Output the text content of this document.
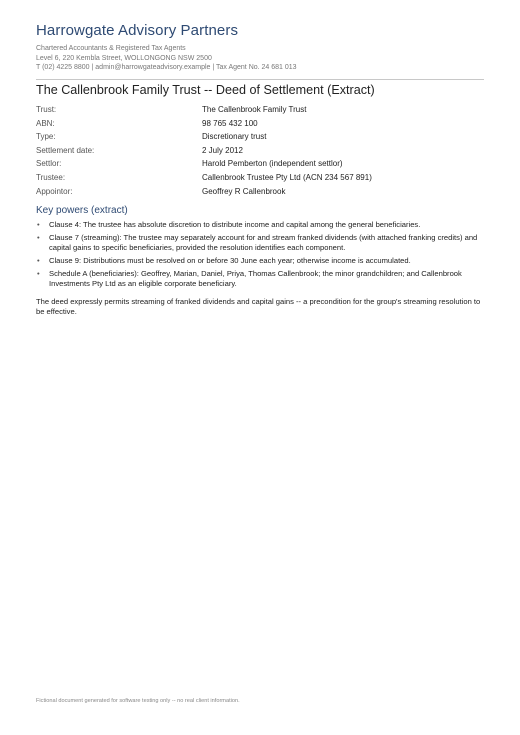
Harrowgate Advisory Partners
Chartered Accountants & Registered Tax Agents
Level 6, 220 Kembla Street, WOLLONGONG NSW 2500
T (02) 4225 8800 | admin@harrowgateadvisory.example | Tax Agent No. 24 681 013
The Callenbrook Family Trust -- Deed of Settlement (Extract)
Trust:	The Callenbrook Family Trust
ABN:	98 765 432 100
Type:	Discretionary trust
Settlement date:	2 July 2012
Settlor:	Harold Pemberton (independent settlor)
Trustee:	Callenbrook Trustee Pty Ltd (ACN 234 567 891)
Appointor:	Geoffrey R Callenbrook
Key powers (extract)
• Clause 4: The trustee has absolute discretion to distribute income and capital among the general beneficiaries.
• Clause 7 (streaming): The trustee may separately account for and stream franked dividends (with attached franking credits) and capital gains to specific beneficiaries, provided the resolution identifies each component.
• Clause 9: Distributions must be resolved on or before 30 June each year; otherwise income is accumulated.
• Schedule A (beneficiaries): Geoffrey, Marian, Daniel, Priya, Thomas Callenbrook; the minor grandchildren; and Callenbrook Investments Pty Ltd as an eligible corporate beneficiary.
The deed expressly permits streaming of franked dividends and capital gains -- a precondition for the group's streaming resolution to be effective.
Fictional document generated for software testing only -- no real client information.
